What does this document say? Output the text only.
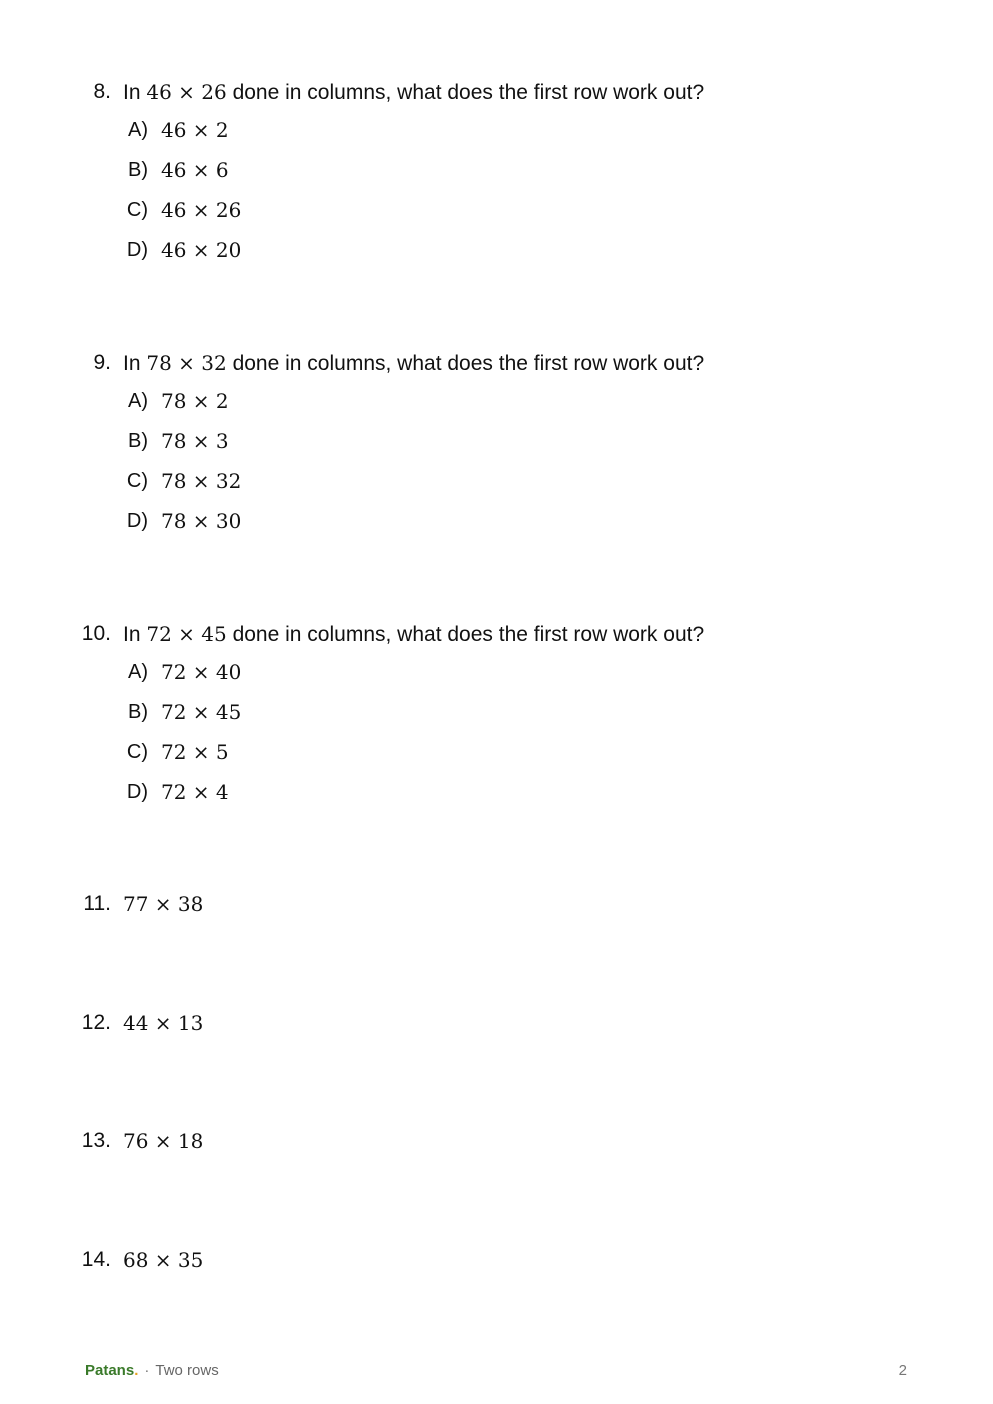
8. In 46 × 26 done in columns, what does the first row work out?
A) 46 × 2
B) 46 × 6
C) 46 × 26
D) 46 × 20
9. In 78 × 32 done in columns, what does the first row work out?
A) 78 × 2
B) 78 × 3
C) 78 × 32
D) 78 × 30
10. In 72 × 45 done in columns, what does the first row work out?
A) 72 × 40
B) 72 × 45
C) 72 × 5
D) 72 × 4
11. 77 × 38
12. 44 × 13
13. 76 × 18
14. 68 × 35
Patans. · Two rows	2
